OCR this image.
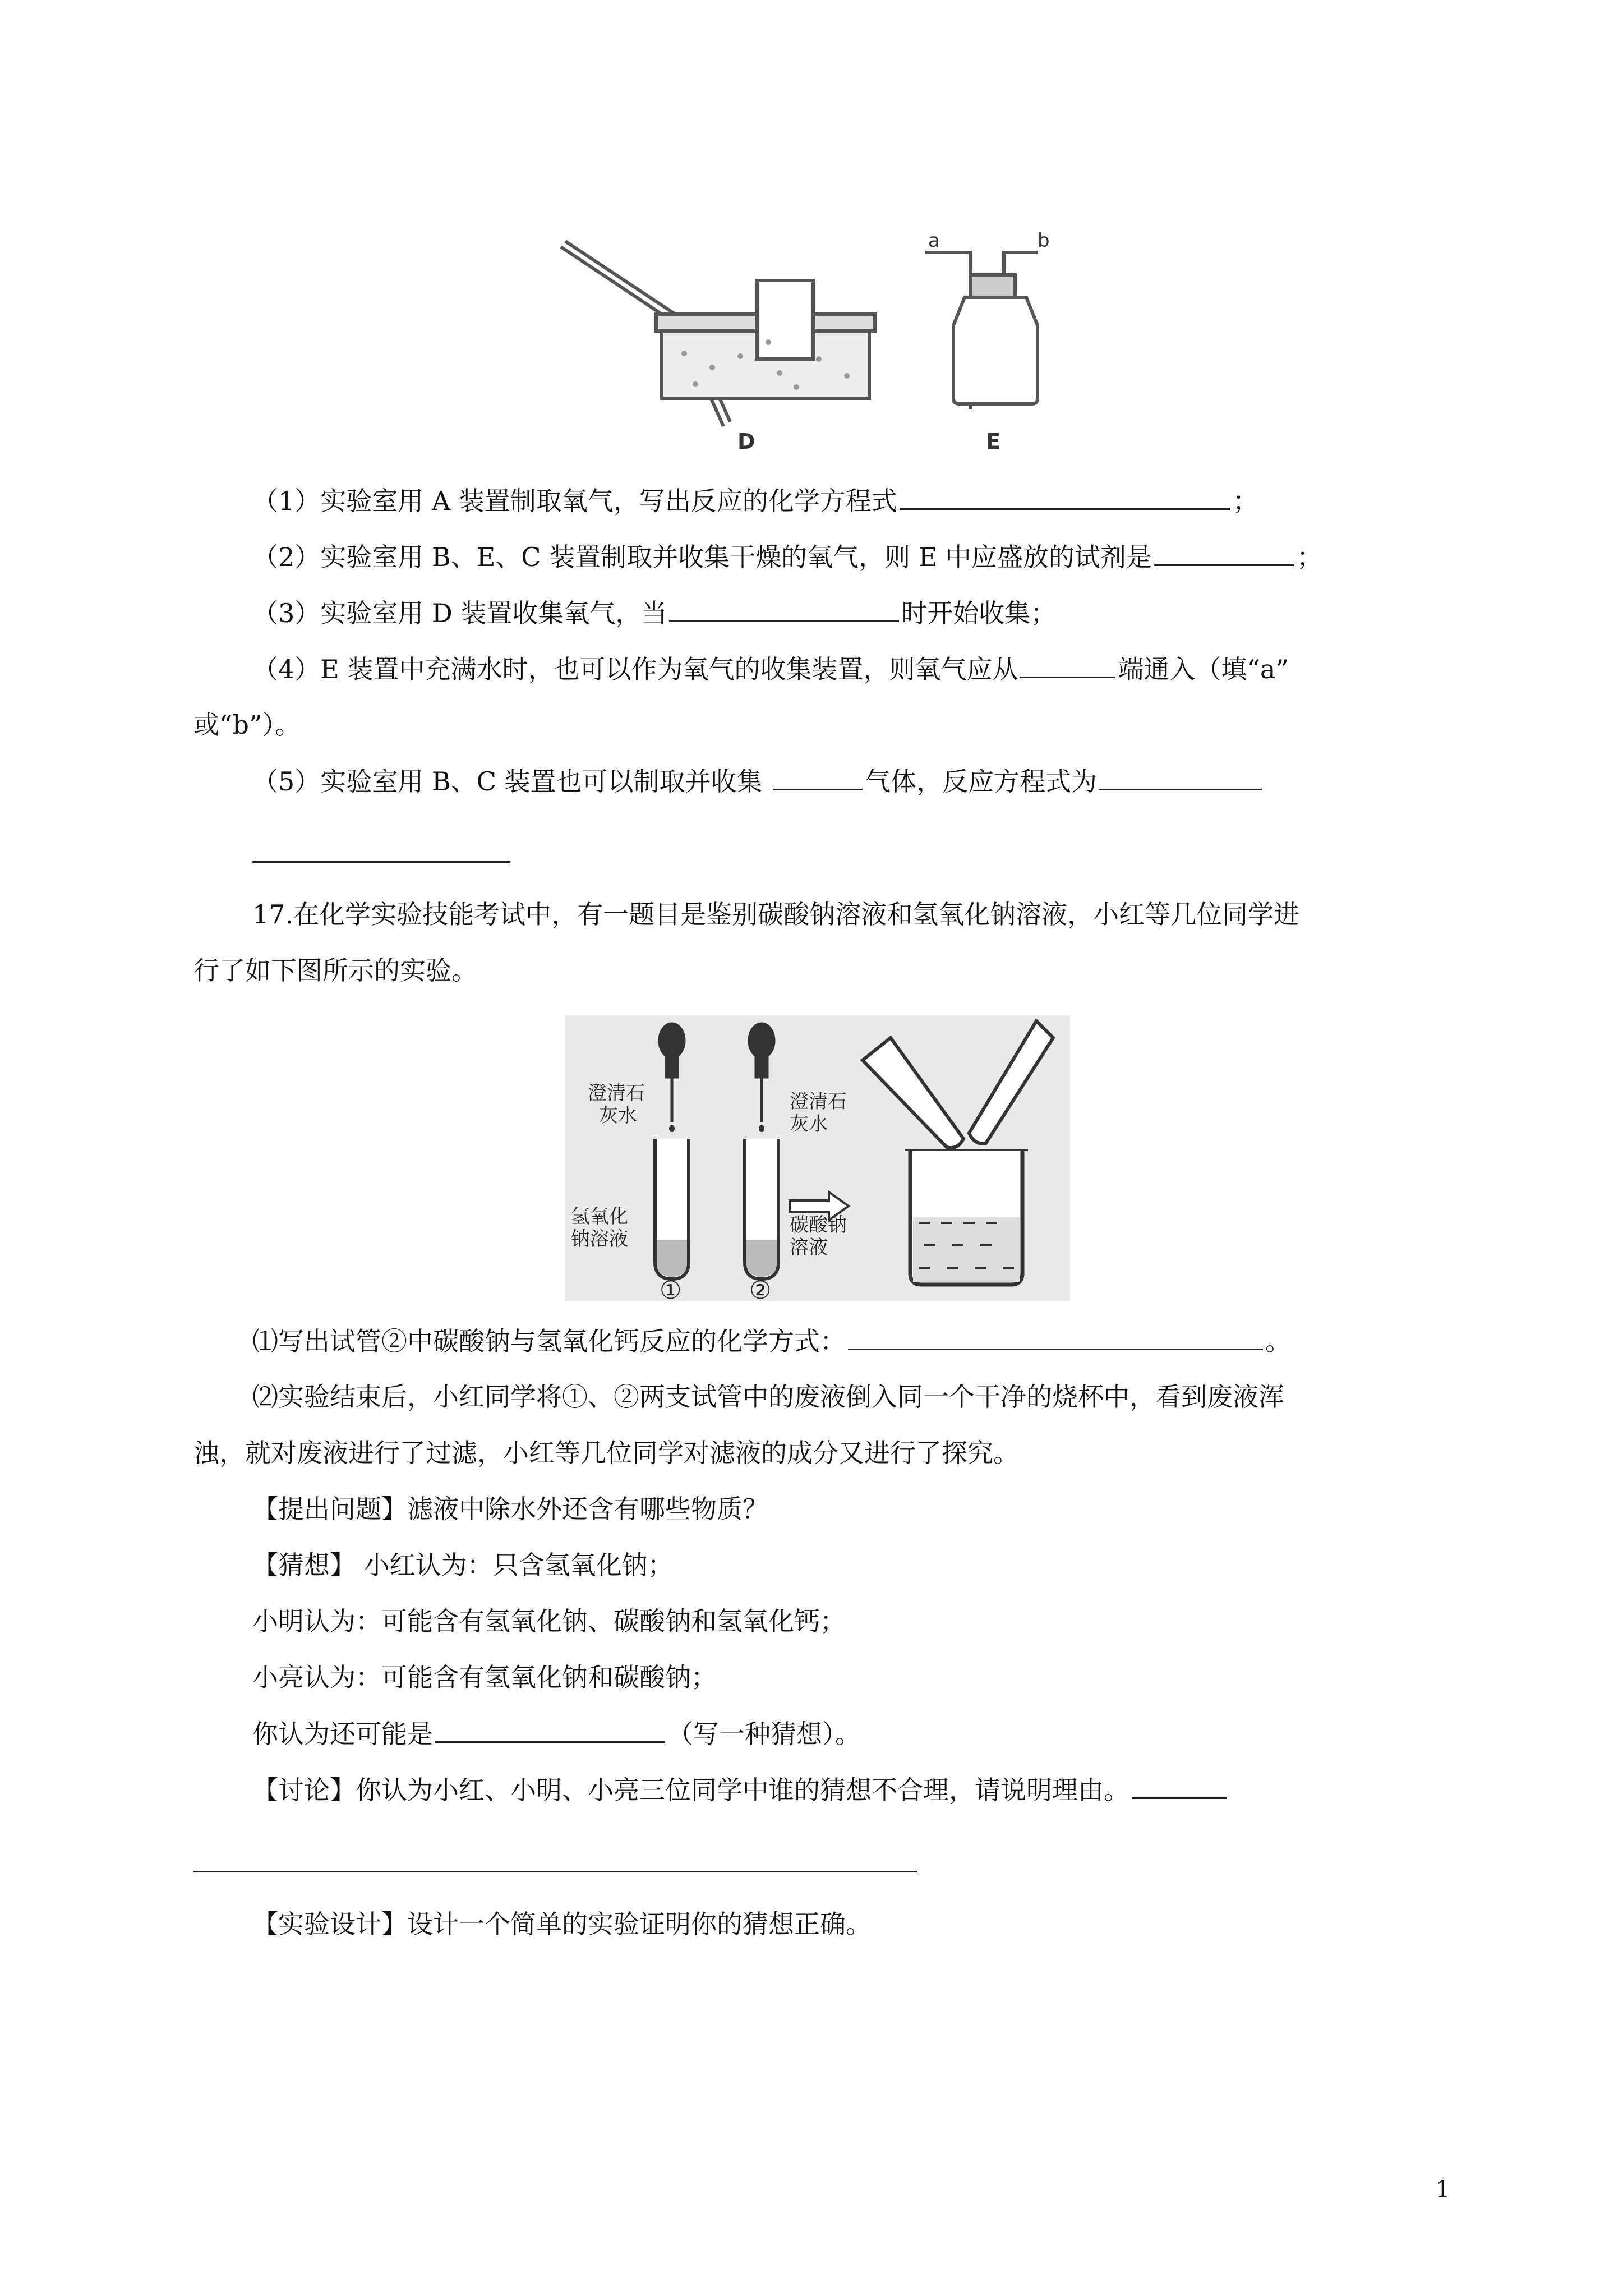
D
a	b
E
（1）实验室用 A 装置制取氧气，写出反应的化学方程式	；
（2）实验室用 B、E、C 装置制取并收集干燥的氧气，则 E 中应盛放的试剂是	；
（3）实验室用 D 装置收集氧气，当	时开始收集；
（4）E 装置中充满水时，也可以作为氧气的收集装置，则氧气应从	端通入（填“a”
或“b”）。
（5）实验室用 B、C 装置也可以制取并收集	气体，反应方程式为
17.在化学实验技能考试中，有一题目是鉴别碳酸钠溶液和氢氧化钠溶液，小红等几位同学进
行了如下图所示的实验。
澄清石
灰水
澄清石
灰水
氢氧化
钠溶液
碳酸钠
溶液
①	②
⑴写出试管②中碳酸钠与氢氧化钙反应的化学方式：	。
⑵实验结束后，小红同学将①、②两支试管中的废液倒入同一个干净的烧杯中，看到废液浑
浊，就对废液进行了过滤，小红等几位同学对滤液的成分又进行了探究。
【提出问题】滤液中除水外还含有哪些物质？
【猜想】 小红认为：只含氢氧化钠；
小明认为：可能含有氢氧化钠、碳酸钠和氢氧化钙；
小亮认为：可能含有氢氧化钠和碳酸钠；
你认为还可能是	（写一种猜想）。
【讨论】你认为小红、小明、小亮三位同学中谁的猜想不合理，请说明理由。
【实验设计】设计一个简单的实验证明你的猜想正确。
1
